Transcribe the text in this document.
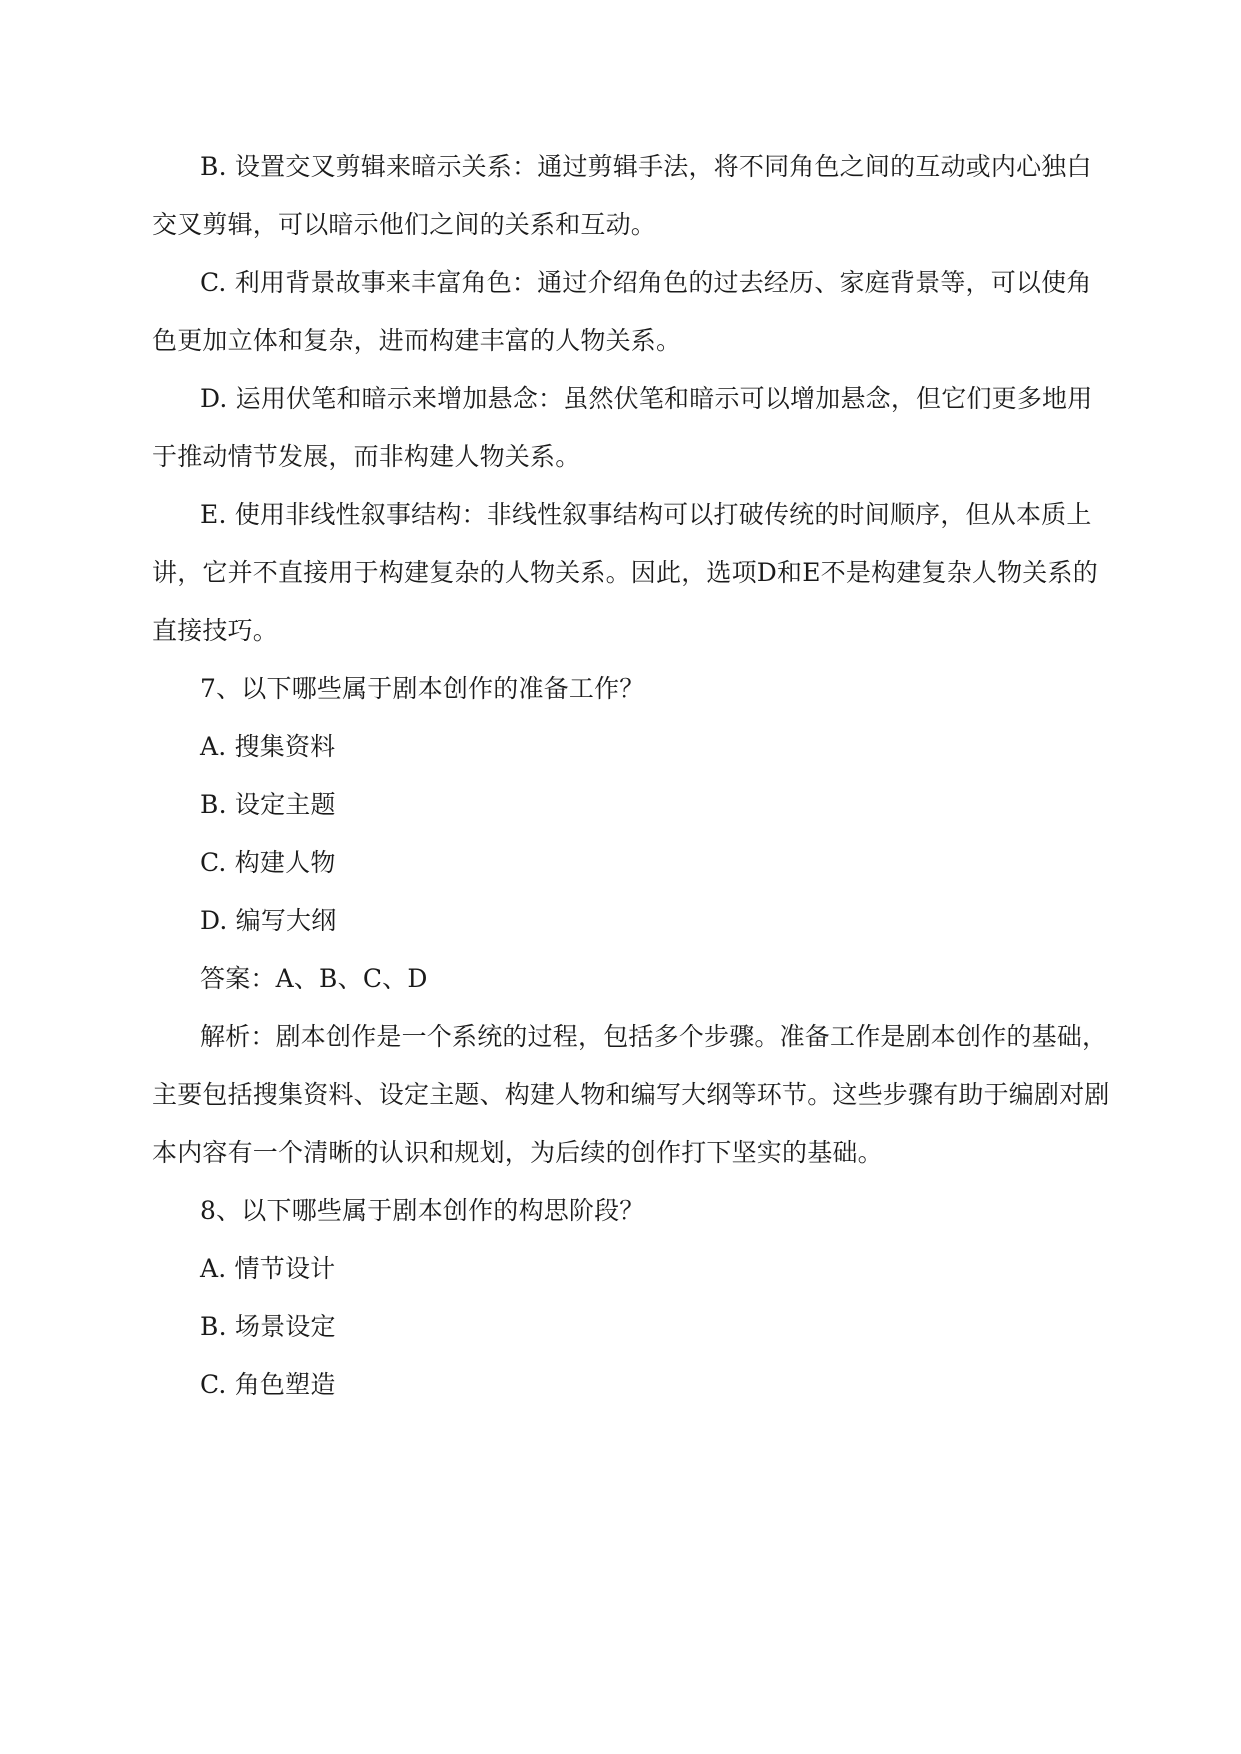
B. 设置交叉剪辑来暗示关系：通过剪辑手法，将不同角色之间的互动或内心独白
交叉剪辑，可以暗示他们之间的关系和互动。
C. 利用背景故事来丰富角色：通过介绍角色的过去经历、家庭背景等，可以使角
色更加立体和复杂，进而构建丰富的人物关系。
D. 运用伏笔和暗示来增加悬念：虽然伏笔和暗示可以增加悬念，但它们更多地用
于推动情节发展，而非构建人物关系。
E. 使用非线性叙事结构：非线性叙事结构可以打破传统的时间顺序，但从本质上
讲，它并不直接用于构建复杂的人物关系。因此，选项D和E不是构建复杂人物关系的
直接技巧。
7、以下哪些属于剧本创作的准备工作？
A. 搜集资料
B. 设定主题
C. 构建人物
D. 编写大纲
答案：A、B、C、D
解析：剧本创作是一个系统的过程，包括多个步骤。准备工作是剧本创作的基础，
主要包括搜集资料、设定主题、构建人物和编写大纲等环节。这些步骤有助于编剧对剧
本内容有一个清晰的认识和规划，为后续的创作打下坚实的基础。
8、以下哪些属于剧本创作的构思阶段？
A. 情节设计
B. 场景设定
C. 角色塑造
